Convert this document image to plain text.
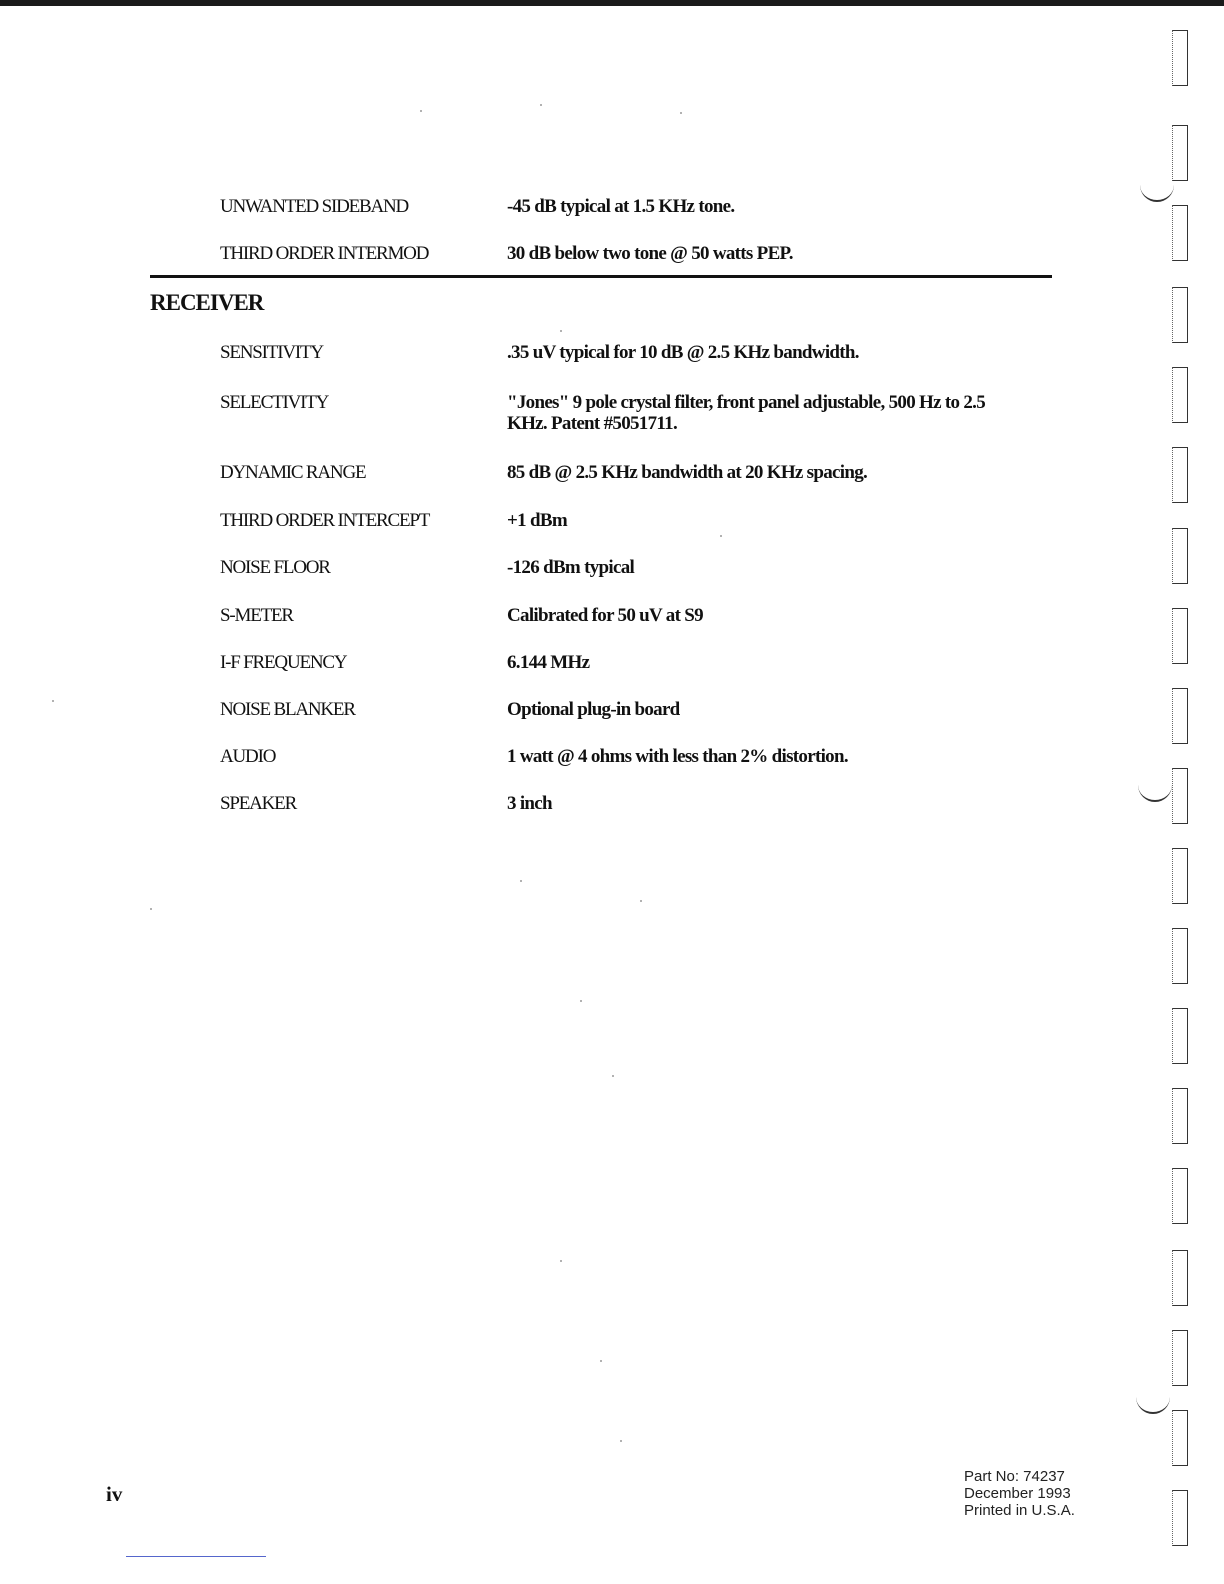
UNWANTED SIDEBAND	-45 dB typical at 1.5 KHz tone.
THIRD ORDER INTERMOD	30 dB below two tone @ 50 watts PEP.
RECEIVER
SENSITIVITY	.35 uV typical for 10 dB @ 2.5 KHz bandwidth.
SELECTIVITY	"Jones" 9 pole crystal filter, front panel adjustable, 500 Hz to 2.5 KHz. Patent #5051711.
DYNAMIC RANGE	85 dB @ 2.5 KHz bandwidth at 20 KHz spacing.
THIRD ORDER INTERCEPT	+1 dBm
NOISE FLOOR	-126 dBm typical
S-METER	Calibrated for 50 uV at S9
I-F FREQUENCY	6.144 MHz
NOISE BLANKER	Optional plug-in board
AUDIO	1 watt @ 4 ohms with less than 2% distortion.
SPEAKER	3 inch
iv
Part No: 74237
December 1993
Printed in U.S.A.
